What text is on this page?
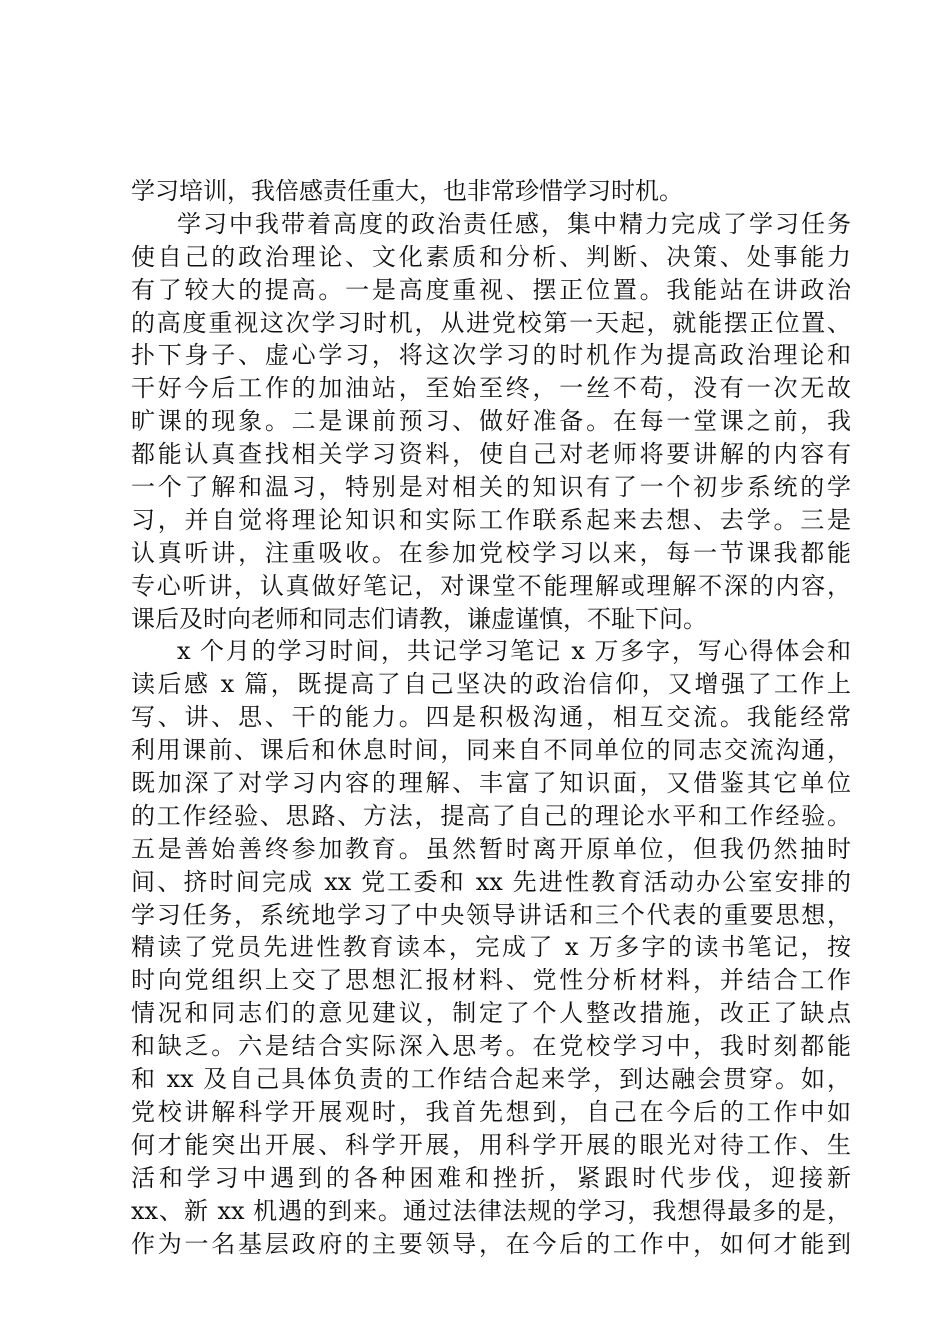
学习培训，我倍感责任重大，也非常珍惜学习时机。
学习中我带着高度的政治责任感，集中精力完成了学习任务
使自己的政治理论、文化素质和分析、判断、决策、处事能力
有了较大的提高。一是高度重视、摆正位置。我能站在讲政治
的高度重视这次学习时机，从进党校第一天起，就能摆正位置、
扑下身子、虚心学习，将这次学习的时机作为提高政治理论和
干好今后工作的加油站，至始至终，一丝不苟，没有一次无故
旷课的现象。二是课前预习、做好准备。在每一堂课之前，我
都能认真查找相关学习资料，使自己对老师将要讲解的内容有
一个了解和温习，特别是对相关的知识有了一个初步系统的学
习，并自觉将理论知识和实际工作联系起来去想、去学。三是
认真听讲，注重吸收。在参加党校学习以来，每一节课我都能
专心听讲，认真做好笔记，对课堂不能理解或理解不深的内容，
课后及时向老师和同志们请教，谦虚谨慎，不耻下问。
x 个月的学习时间，共记学习笔记 x 万多字，写心得体会和
读后感 x 篇，既提高了自己坚决的政治信仰，又增强了工作上
写、讲、思、干的能力。四是积极沟通，相互交流。我能经常
利用课前、课后和休息时间，同来自不同单位的同志交流沟通，
既加深了对学习内容的理解、丰富了知识面，又借鉴其它单位
的工作经验、思路、方法，提高了自己的理论水平和工作经验。
五是善始善终参加教育。虽然暂时离开原单位，但我仍然抽时
间、挤时间完成 xx 党工委和 xx 先进性教育活动办公室安排的
学习任务，系统地学习了中央领导讲话和三个代表的重要思想，
精读了党员先进性教育读本，完成了 x 万多字的读书笔记，按
时向党组织上交了思想汇报材料、党性分析材料，并结合工作
情况和同志们的意见建议，制定了个人整改措施，改正了缺点
和缺乏。六是结合实际深入思考。在党校学习中，我时刻都能
和 xx 及自己具体负责的工作结合起来学，到达融会贯穿。如，
党校讲解科学开展观时，我首先想到，自己在今后的工作中如
何才能突出开展、科学开展，用科学开展的眼光对待工作、生
活和学习中遇到的各种困难和挫折，紧跟时代步伐，迎接新
xx、新 xx 机遇的到来。通过法律法规的学习，我想得最多的是，
作为一名基层政府的主要领导，在今后的工作中，如何才能到
